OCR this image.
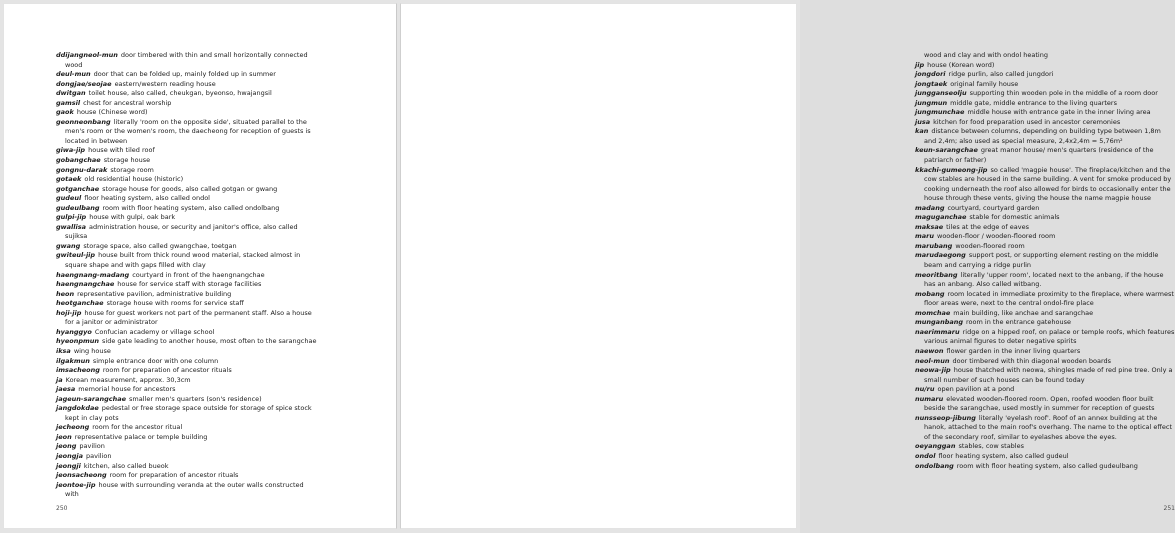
ddijangneol-mun door timbered with thin and small horizontally connected wood
deul-mun door that can be folded up, mainly folded up in summer
dongjae/seojae eastern/western reading house
dwitgan toilet house, also called, cheukgan, byeonso, hwajangsil
gamsil chest for ancestral worship
gaok house (Chinese word)
geonneonbang literally 'room on the opposite side', situated parallel to the men's room or the women's room, the daecheong for reception of guests is located in between
giwa-jip house with tiled roof
gobangchae storage house
gongnu-darak storage room
gotaek old residential house (historic)
gotganchae storage house for goods, also called gotgan or gwang
gudeul floor heating system, also called ondol
gudeulbang room with floor heating system, also called ondolbang
gulpi-jip house with gulpi, oak bark
gwallisa administration house, or security and janitor's office, also called sujiksa
gwang storage space, also called gwangchae, toetgan
gwiteul-jip house built from thick round wood material, stacked almost in square shape and with gaps filled with clay
haengnang-madang courtyard in front of the haengnangchae
haengnangchae house for service staff with storage facilities
heon representative pavilion, administrative building
heotganchae storage house with rooms for service staff
hoji-jip house for guest workers not part of the permanent staff. Also a house for a janitor or administrator
hyanggyo Confucian academy or village school
hyeonpmun side gate leading to another house, most often to the sarangchae
iksa wing house
ilgakmun simple entrance door with one column
imsacheong room for preparation of ancestor rituals
ja Korean measurement, approx. 30,3cm
jaesa memorial house for ancestors
jageun-sarangchae smaller men's quarters (son's residence)
jangdokdae pedestal or free storage space outside for storage of spice stock kept in clay pots
jecheong room for the ancestor ritual
jeon representative palace or temple building
jeong pavilion
jeongja pavilion
jeongji kitchen, also called bueok
jeonsacheong room for preparation of ancestor rituals
jeontoe-jip house with surrounding veranda at the outer walls constructed with
250
wood and clay and with ondol heating
jip house (Korean word)
jongdori ridge purlin, also called jungdori
jongtaek original family house
jungganseolju supporting thin wooden pole in the middle of a room door
jungmun middle gate, middle entrance to the living quarters
jungmunchae middle house with entrance gate in the inner living area
jusa kitchen for food preparation used in ancestor ceremonies
kan distance between columns, depending on building type between 1,8m and 2,4m; also used as special measure, 2,4x2,4m = 5,76m²
keun-sarangchae great manor house/ men's quarters (residence of the patriarch or father)
kkachi-gumeong-jip so called 'magpie house'. The fireplace/kitchen and the cow stables are housed in the same building. A vent for smoke produced by cooking underneath the roof also allowed for birds to occasionally enter the house through these vents, giving the house the name magpie house
madang courtyard, courtyard garden
maguganchae stable for domestic animals
maksae tiles at the edge of eaves
maru wooden-floor / wooden-floored room
marubang wooden-floored room
marudaegong support post, or supporting element resting on the middle beam and carrying a ridge purlin
meoritbang literally 'upper room', located next to the anbang, if the house has an anbang. Also called witbang.
mobang room located in immediate proximity to the fireplace, where warmest floor areas were, next to the central ondol-fire place
momchae main building, like anchae and sarangchae
munganbang room in the entrance gatehouse
naerimmaru ridge on a hipped roof, on palace or temple roofs, which features various animal figures to deter negative spirits
naewon flower garden in the inner living quarters
neol-mun door timbered with thin diagonal wooden boards
neowa-jip house thatched with neowa, shingles made of red pine tree. Only a small number of such houses can be found today
nu/ru open pavilion at a pond
numaru elevated wooden-floored room. Open, roofed wooden floor built beside the sarangchae, used mostly in summer for reception of guests
nunsseop-jibung literally 'eyelash roof'. Roof of an annex building at the hanok, attached to the main roof's overhang. The name to the optical effect of the secondary roof, similar to eyelashes above the eyes.
oeyanggan stables, cow stables
ondol floor heating system, also called gudeul
ondolbang room with floor heating system, also called gudeulbang
251
